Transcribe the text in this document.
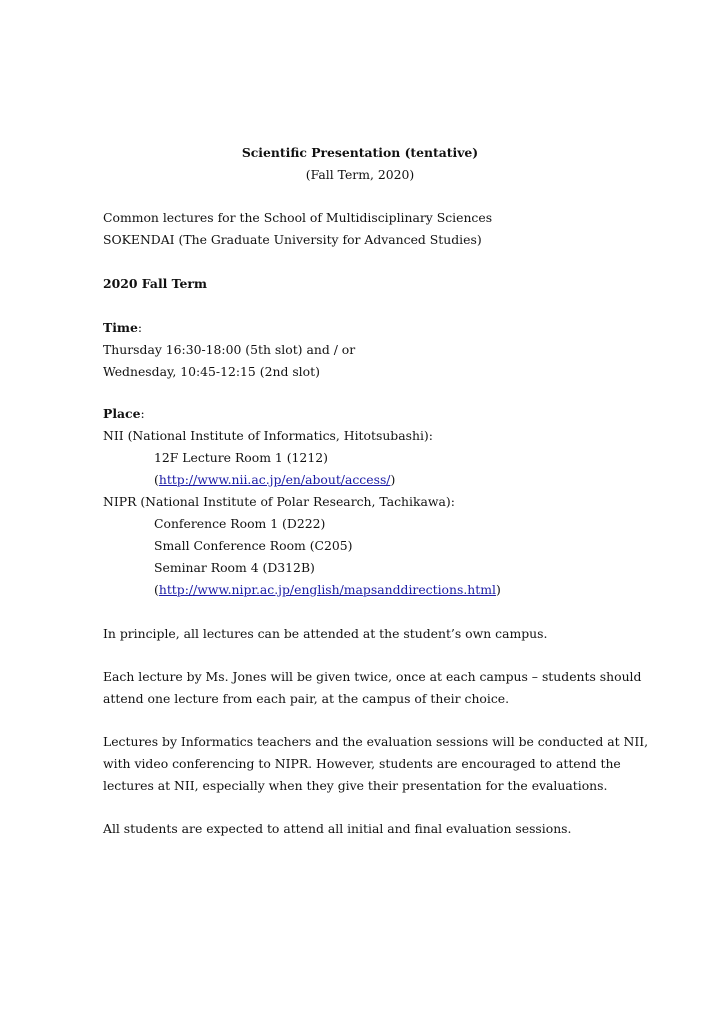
Scientific Presentation (tentative)
(Fall Term, 2020)
Common lectures for the School of Multidisciplinary Sciences
SOKENDAI (The Graduate University for Advanced Studies)
2020 Fall Term
Time:
Thursday 16:30-18:00 (5th slot) and / or
Wednesday, 10:45-12:15 (2nd slot)
Place:
NII (National Institute of Informatics, Hitotsubashi):
12F Lecture Room 1 (1212)
(http://www.nii.ac.jp/en/about/access/)
NIPR (National Institute of Polar Research, Tachikawa):
Conference Room 1 (D222)
Small Conference Room (C205)
Seminar Room 4 (D312B)
(http://www.nipr.ac.jp/english/mapsanddirections.html)
In principle, all lectures can be attended at the student’s own campus.
Each lecture by Ms. Jones will be given twice, once at each campus – students should
attend one lecture from each pair, at the campus of their choice.
Lectures by Informatics teachers and the evaluation sessions will be conducted at NII,
with video conferencing to NIPR. However, students are encouraged to attend the
lectures at NII, especially when they give their presentation for the evaluations.
All students are expected to attend all initial and final evaluation sessions.
